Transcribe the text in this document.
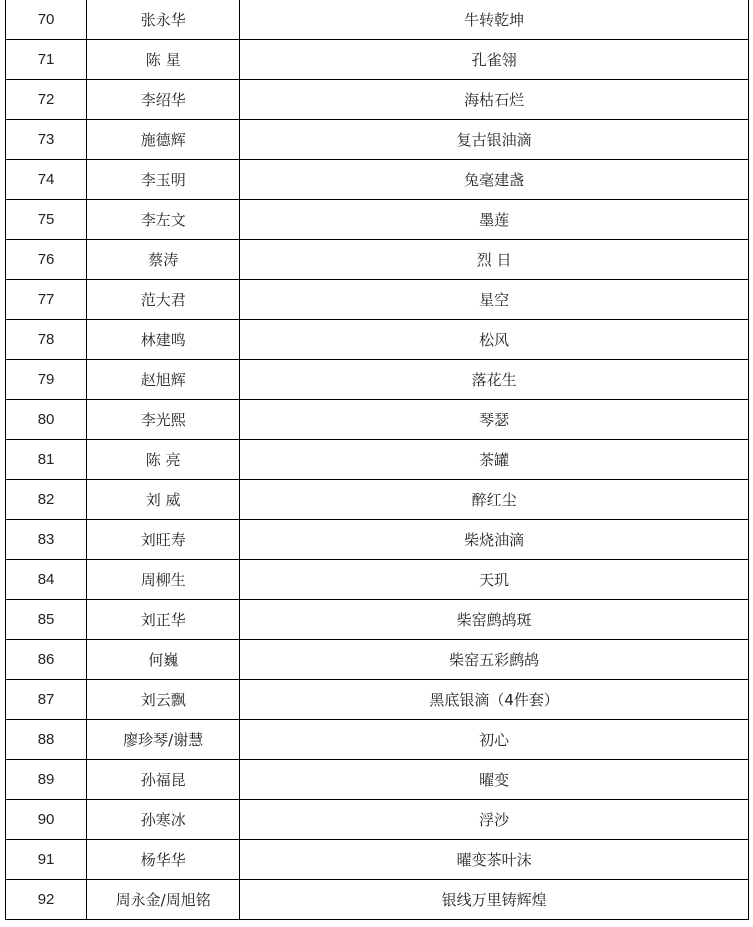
70	张永华	牛转乾坤
71	陈 星	孔雀翎
72	李绍华	海枯石烂
73	施德辉	复古银油滴
74	李玉明	兔毫建盏
75	李左文	墨莲
76	蔡涛	烈 日
77	范大君	星空
78	林建鸣	松风
79	赵旭辉	落花生
80	李光熙	琴瑟
81	陈 亮	茶罐
82	刘 威	醉红尘
83	刘旺寿	柴烧油滴
84	周柳生	天玑
85	刘正华	柴窑鹧鸪斑
86	何巍	柴窑五彩鹧鸪
87	刘云飘	黑底银滴（4件套）
88	廖珍琴/谢慧	初心
89	孙福昆	曜变
90	孙寒冰	浮沙
91	杨华华	曜变茶叶沫
92	周永金/周旭铭	银线万里铸辉煌
